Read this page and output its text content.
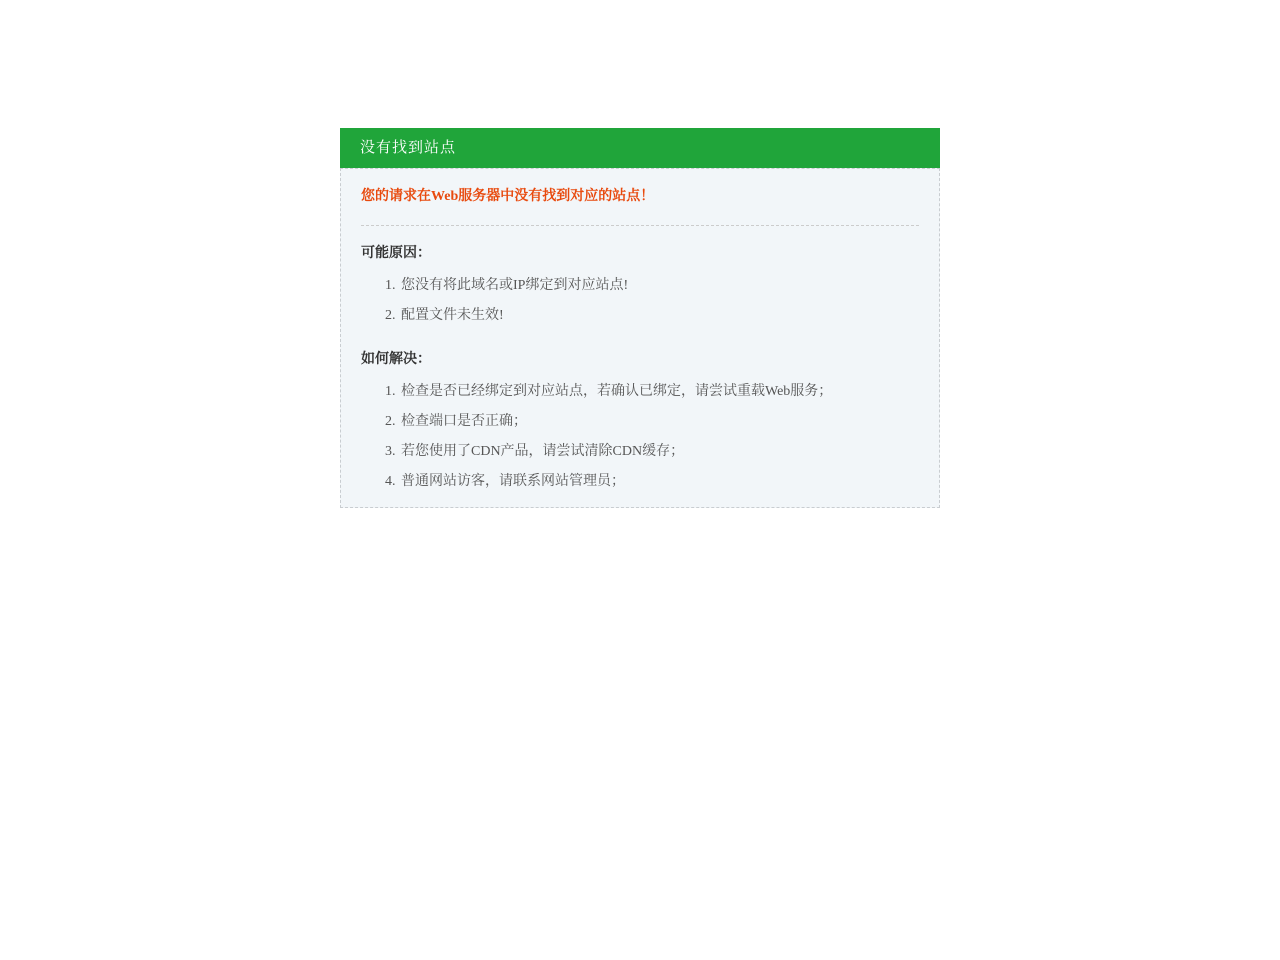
没有找到站点

您的请求在Web服务器中没有找到对应的站点！

可能原因：
1. 您没有将此域名或IP绑定到对应站点!
2. 配置文件未生效!
如何解决：
1. 检查是否已经绑定到对应站点，若确认已绑定，请尝试重载Web服务；
2. 检查端口是否正确；
3. 若您使用了CDN产品，请尝试清除CDN缓存；
4. 普通网站访客，请联系网站管理员；
